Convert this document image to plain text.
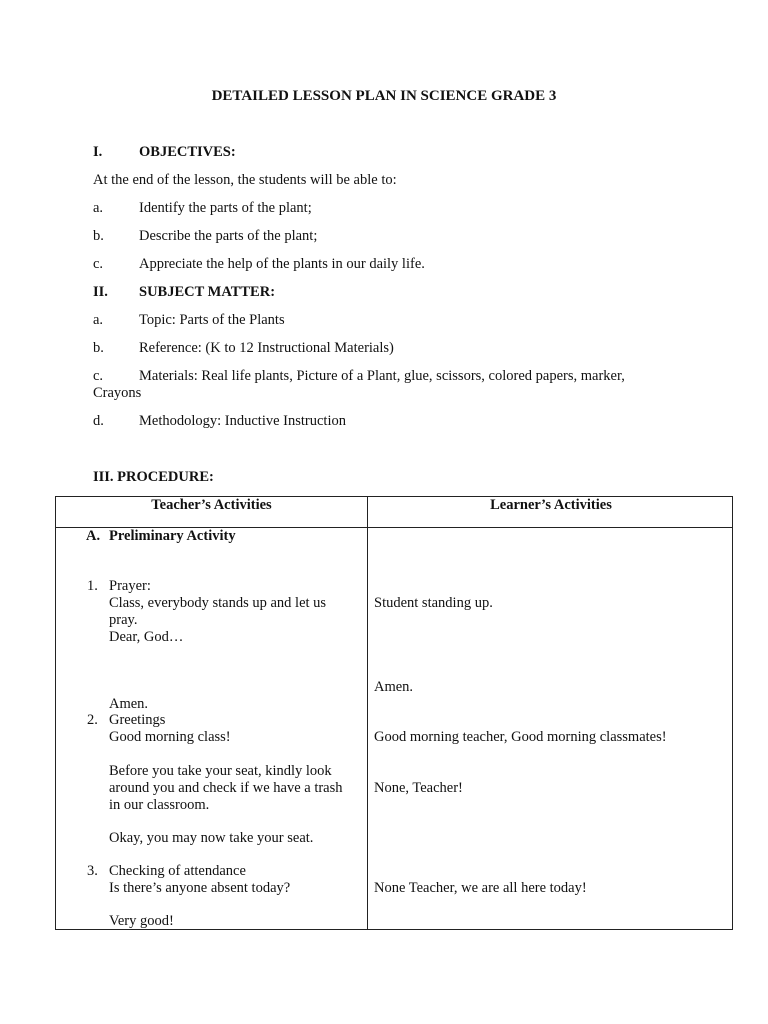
DETAILED LESSON PLAN IN SCIENCE GRADE 3
I.	OBJECTIVES:
At the end of the lesson, the students will be able to:
a. Identify the parts of the plant;
b. Describe the parts of the plant;
c. Appreciate the help of the plants in our daily life.
II. SUBJECT MATTER:
a. Topic: Parts of the Plants
b. Reference: (K to 12 Instructional Materials)
c. Materials: Real life plants, Picture of a Plant, glue, scissors, colored papers, marker,
Crayons
d. Methodology: Inductive Instruction
III. PROCEDURE:
Teacher’s Activities	Learner’s Activities
A. Preliminary Activity
1. Prayer:
Class, everybody stands up and let us
pray.
Dear, God…
Amen.
2. Greetings
Good morning class!
Before you take your seat, kindly look
around you and check if we have a trash
in our classroom.
Okay, you may now take your seat.
3. Checking of attendance
Is there’s anyone absent today?
Very good!
Student standing up.
Amen.
Good morning teacher, Good morning classmates!
None, Teacher!
None Teacher, we are all here today!
